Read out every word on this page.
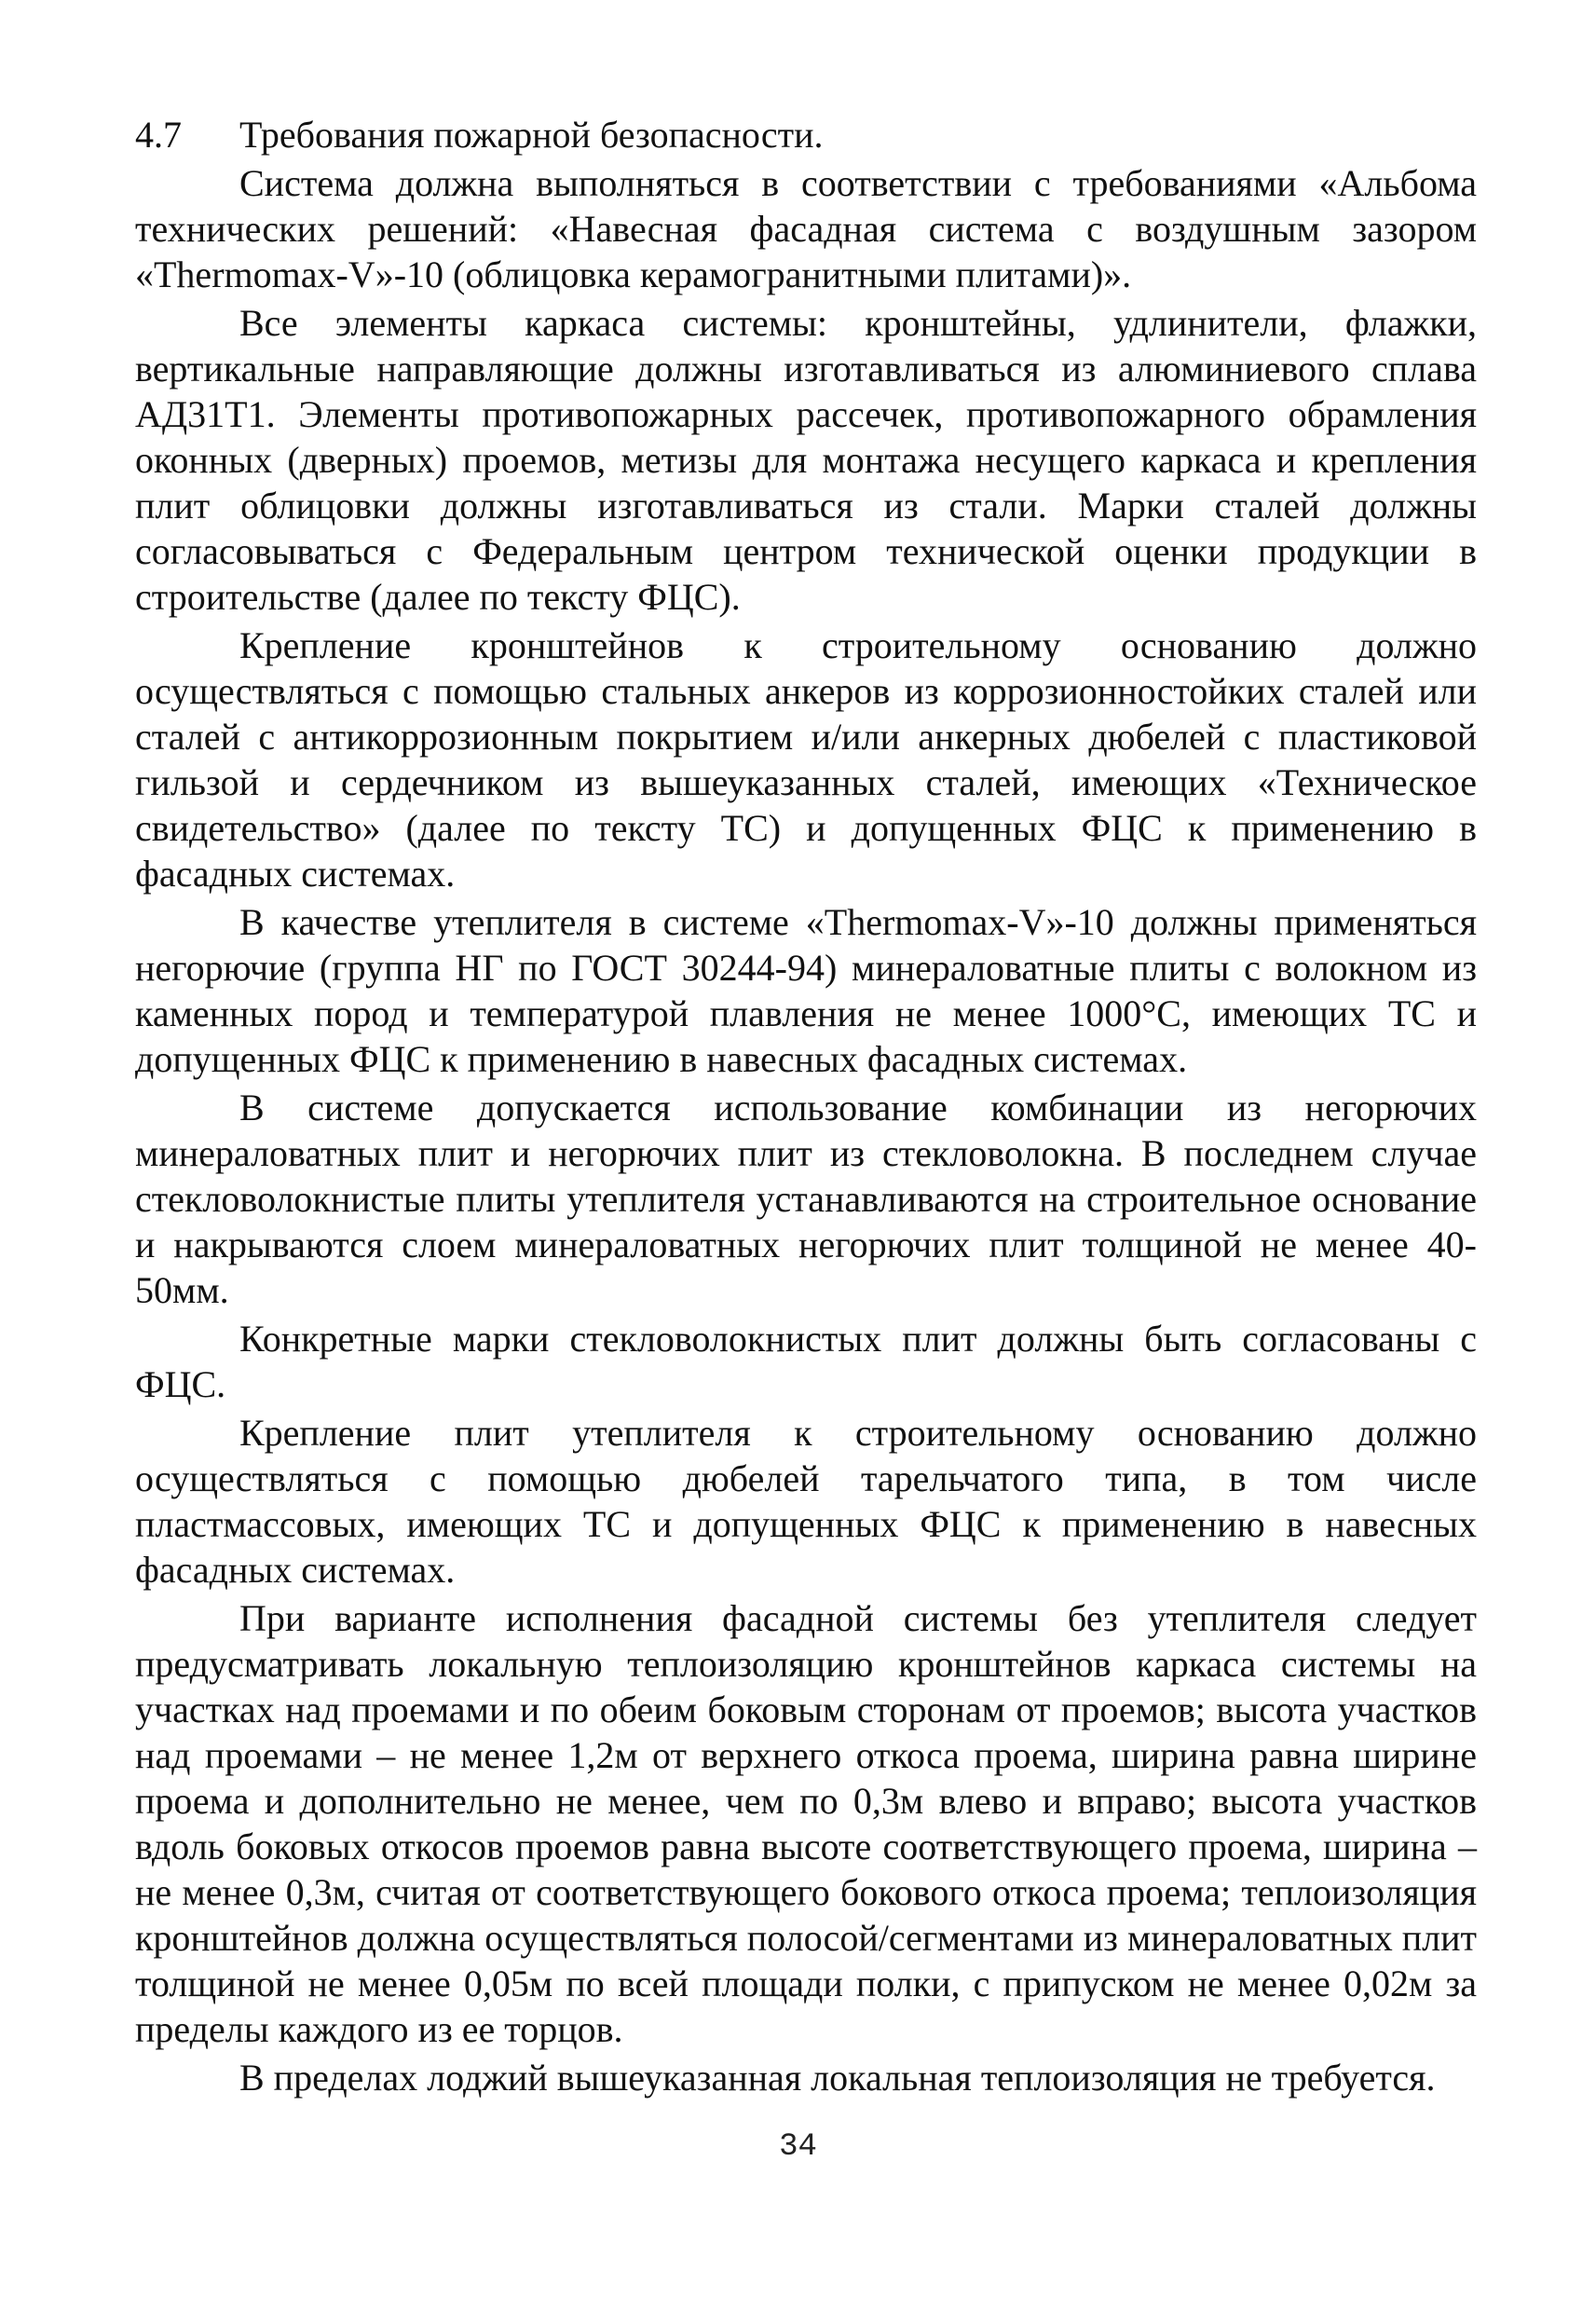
4.7	Требования пожарной безопасности.

Система должна выполняться в соответствии с требованиями «Альбома технических решений: «Навесная фасадная система с воздушным зазором «Thermomax-V»-10 (облицовка керамогранитными плитами)».

Все элементы каркаса системы: кронштейны, удлинители, флажки, вертикальные направляющие должны изготавливаться из алюминиевого сплава АД31Т1. Элементы противопожарных рассечек, противопожарного обрамления оконных (дверных) проемов, метизы для монтажа несущего каркаса и крепления плит облицовки должны изготавливаться из стали. Марки сталей должны согласовываться с Федеральным центром технической оценки продукции в строительстве (далее по тексту ФЦС).

Крепление кронштейнов к строительному основанию должно осуществляться с помощью стальных анкеров из коррозионностойких сталей или сталей с антикоррозионным покрытием и/или анкерных дюбелей с пластиковой гильзой и сердечником из вышеуказанных сталей, имеющих «Техническое свидетельство» (далее по тексту ТС) и допущенных ФЦС к применению в фасадных системах.

В качестве утеплителя в системе «Thermomax-V»-10 должны применяться негорючие (группа НГ по ГОСТ 30244-94) минераловатные плиты с волокном из каменных пород и температурой плавления не менее 1000°С, имеющих ТС и допущенных ФЦС к применению в навесных фасадных системах.

В системе допускается использование комбинации из негорючих минераловатных плит и негорючих плит из стекловолокна. В последнем случае стекловолокнистые плиты утеплителя устанавливаются на строительное основание и накрываются слоем минераловатных негорючих плит толщиной не менее 40-50мм.

Конкретные марки стекловолокнистых плит должны быть согласованы с ФЦС.

Крепление плит утеплителя к строительному основанию должно осуществляться с помощью дюбелей тарельчатого типа, в том числе пластмассовых, имеющих ТС и допущенных ФЦС к применению в навесных фасадных системах.

При варианте исполнения фасадной системы без утеплителя следует предусматривать локальную теплоизоляцию кронштейнов каркаса системы на участках над проемами и по обеим боковым сторонам от проемов; высота участков над проемами – не менее 1,2м от верхнего откоса проема, ширина равна ширине проема и дополнительно не менее, чем по 0,3м влево и вправо; высота участков вдоль боковых откосов проемов равна высоте соответствующего проема, ширина – не менее 0,3м, считая от соответствующего бокового откоса проема; теплоизоляция кронштейнов должна осуществляться полосой/сегментами из минераловатных плит толщиной не менее 0,05м по всей площади полки, с припуском не менее 0,02м за пределы каждого из ее торцов.

В пределах лоджий вышеуказанная локальная теплоизоляция не требуется.

34
